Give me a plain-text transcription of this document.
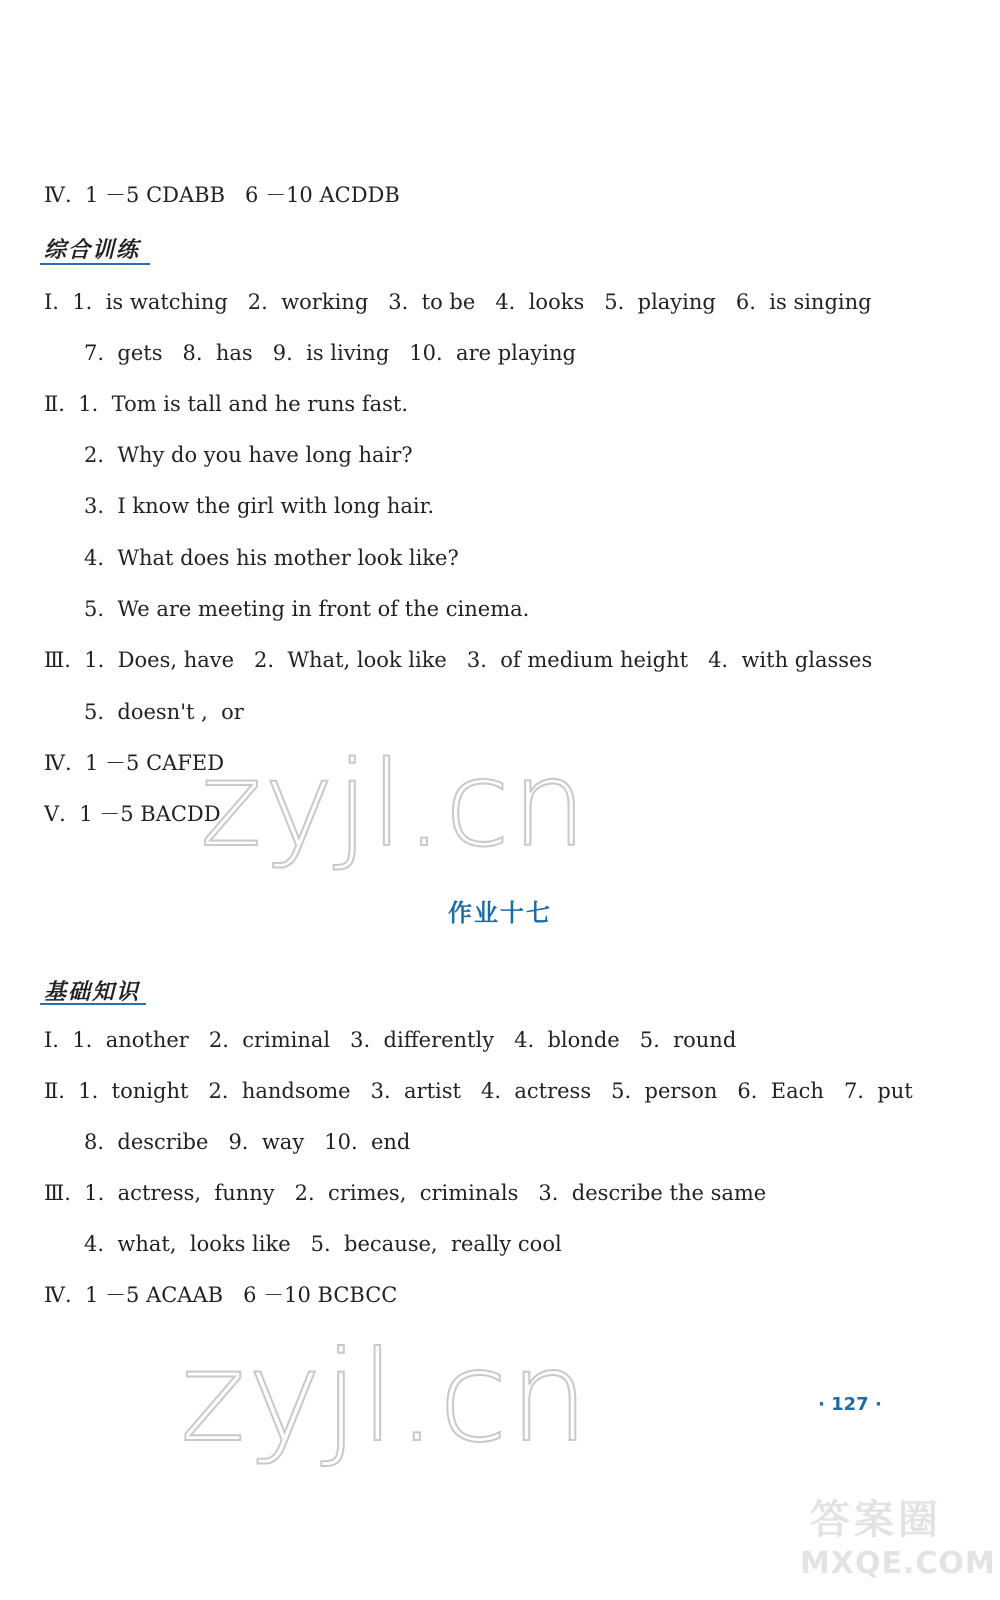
Ⅳ.  1 －5 CDABB   6 －10 ACDDB
综合训练
Ⅰ.  1.  is watching   2.  working   3.  to be   4.  looks   5.  playing   6.  is singing
7.  gets   8.  has   9.  is living   10.  are playing
Ⅱ.  1.  Tom is tall and he runs fast.
2.  Why do you have long hair?
3.  I know the girl with long hair.
4.  What does his mother look like?
5.  We are meeting in front of the cinema.
Ⅲ.  1.  Does, have   2.  What, look like   3.  of medium height   4.  with glasses
5.  doesn't ,  or
Ⅳ.  1 －5 CAFED
Ⅴ.  1 －5 BACDD
zyjl.cn
作业十七
基础知识
Ⅰ.  1.  another   2.  criminal   3.  differently   4.  blonde   5.  round
Ⅱ.  1.  tonight   2.  handsome   3.  artist   4.  actress   5.  person   6.  Each   7.  put
8.  describe   9.  way   10.  end
Ⅲ.  1.  actress,  funny   2.  crimes,  criminals   3.  describe the same
4.  what,  looks like   5.  because,  really cool
Ⅳ.  1 －5 ACAAB   6 －10 BCBCC
· 127 ·
zyjl.cn
答案圈
MXQE.COM
